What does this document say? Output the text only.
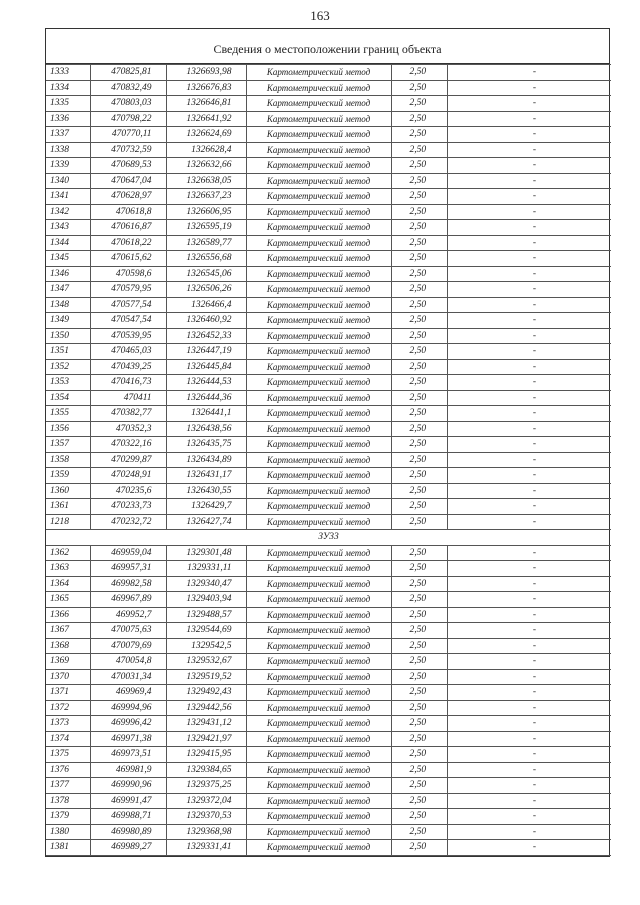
163
Сведения о местоположении границ объекта
1333	470825,81	1326693,98	Картометрический метод	2,50	-
1334	470832,49	1326676,83	Картометрический метод	2,50	-
1335	470803,03	1326646,81	Картометрический метод	2,50	-
1336	470798,22	1326641,92	Картометрический метод	2,50	-
1337	470770,11	1326624,69	Картометрический метод	2,50	-
1338	470732,59	1326628,4	Картометрический метод	2,50	-
1339	470689,53	1326632,66	Картометрический метод	2,50	-
1340	470647,04	1326638,05	Картометрический метод	2,50	-
1341	470628,97	1326637,23	Картометрический метод	2,50	-
1342	470618,8	1326606,95	Картометрический метод	2,50	-
1343	470616,87	1326595,19	Картометрический метод	2,50	-
1344	470618,22	1326589,77	Картометрический метод	2,50	-
1345	470615,62	1326556,68	Картометрический метод	2,50	-
1346	470598,6	1326545,06	Картометрический метод	2,50	-
1347	470579,95	1326506,26	Картометрический метод	2,50	-
1348	470577,54	1326466,4	Картометрический метод	2,50	-
1349	470547,54	1326460,92	Картометрический метод	2,50	-
1350	470539,95	1326452,33	Картометрический метод	2,50	-
1351	470465,03	1326447,19	Картометрический метод	2,50	-
1352	470439,25	1326445,84	Картометрический метод	2,50	-
1353	470416,73	1326444,53	Картометрический метод	2,50	-
1354	470411	1326444,36	Картометрический метод	2,50	-
1355	470382,77	1326441,1	Картометрический метод	2,50	-
1356	470352,3	1326438,56	Картометрический метод	2,50	-
1357	470322,16	1326435,75	Картометрический метод	2,50	-
1358	470299,87	1326434,89	Картометрический метод	2,50	-
1359	470248,91	1326431,17	Картометрический метод	2,50	-
1360	470235,6	1326430,55	Картометрический метод	2,50	-
1361	470233,73	1326429,7	Картометрический метод	2,50	-
1218	470232,72	1326427,74	Картометрический метод	2,50	-
ЗУ33					
1362	469959,04	1329301,48	Картометрический метод	2,50	-
1363	469957,31	1329331,11	Картометрический метод	2,50	-
1364	469982,58	1329340,47	Картометрический метод	2,50	-
1365	469967,89	1329403,94	Картометрический метод	2,50	-
1366	469952,7	1329488,57	Картометрический метод	2,50	-
1367	470075,63	1329544,69	Картометрический метод	2,50	-
1368	470079,69	1329542,5	Картометрический метод	2,50	-
1369	470054,8	1329532,67	Картометрический метод	2,50	-
1370	470031,34	1329519,52	Картометрический метод	2,50	-
1371	469969,4	1329492,43	Картометрический метод	2,50	-
1372	469994,96	1329442,56	Картометрический метод	2,50	-
1373	469996,42	1329431,12	Картометрический метод	2,50	-
1374	469971,38	1329421,97	Картометрический метод	2,50	-
1375	469973,51	1329415,95	Картометрический метод	2,50	-
1376	469981,9	1329384,65	Картометрический метод	2,50	-
1377	469990,96	1329375,25	Картометрический метод	2,50	-
1378	469991,47	1329372,04	Картометрический метод	2,50	-
1379	469988,71	1329370,53	Картометрический метод	2,50	-
1380	469980,89	1329368,98	Картометрический метод	2,50	-
1381	469989,27	1329331,41	Картометрический метод	2,50	-
